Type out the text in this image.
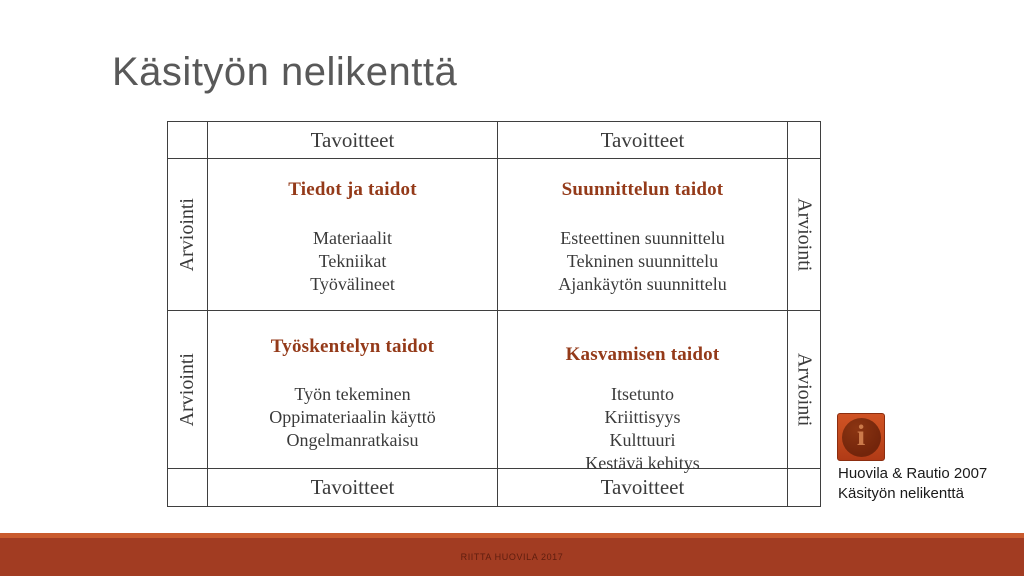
Käsityön nelikenttä
Tavoitteet	Tavoitteet
Arviointi
Tiedot ja taidot
Materiaalit
Tekniikat
Työvälineet
Suunnittelun taidot
Esteettinen suunnittelu
Tekninen suunnittelu
Ajankäytön suunnittelu
Arviointi
Arviointi
Työskentelyn taidot
Työn tekeminen
Oppimateriaalin käyttö
Ongelmanratkaisu
Kasvamisen taidot
Itsetunto
Kriittisyys
Kulttuuri
Kestävä kehitys
Arviointi
Tavoitteet	Tavoitteet
i
Huovila & Rautio 2007
Käsityön nelikenttä
RIITTA HUOVILA 2017
